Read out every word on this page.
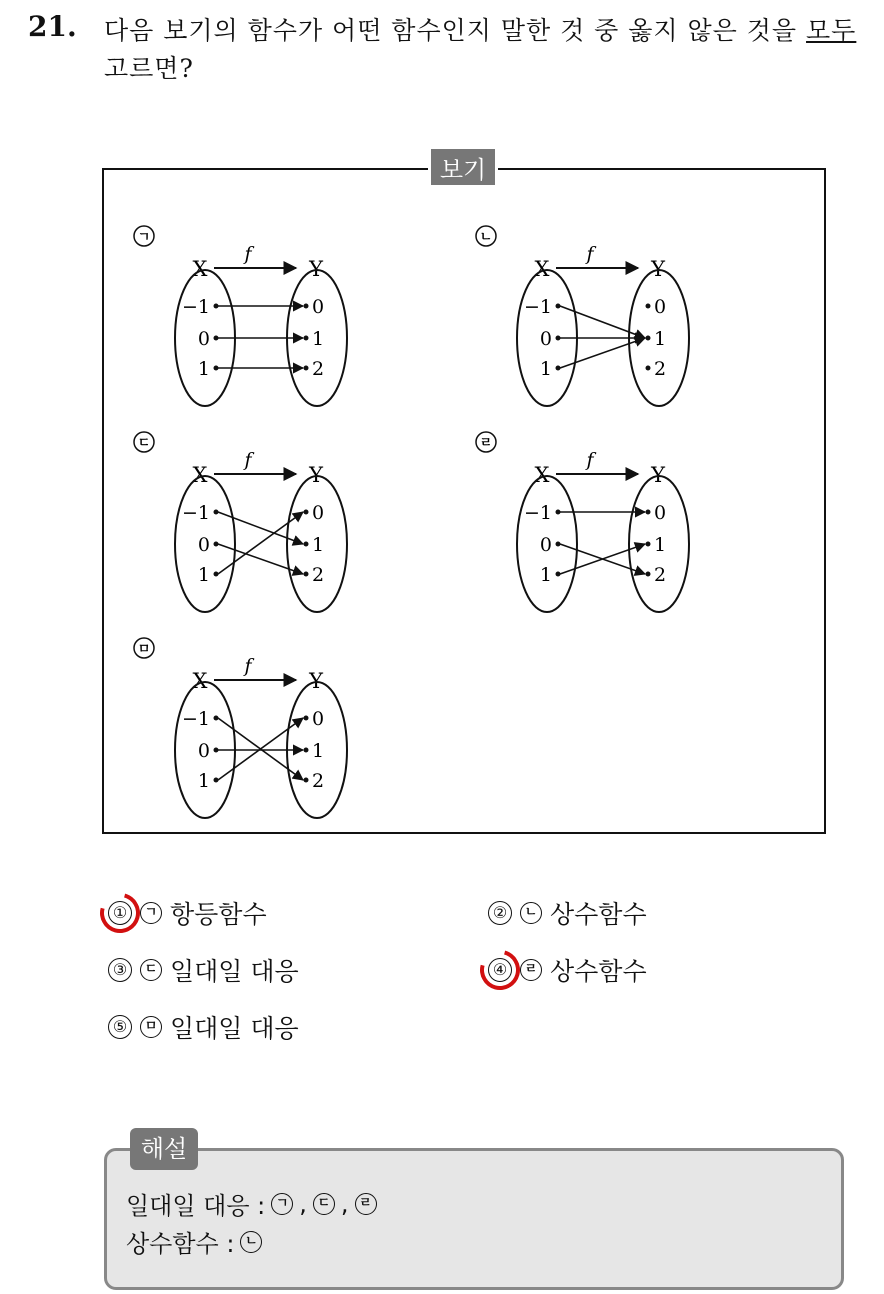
21. 다음 보기의 함수가 어떤 함수인지 말한 것 중 옳지 않은 것을 모두
고르면?
보기
ㄱ
X	Y
f
−1
0
1
0
1
2
ㄴ
X	Y
f
−1
0
1
0
1
2
ㄷ
X	Y
f
−1
0
1
0
1
2
ㄹ
X	Y
f
−1
0
1
0
1
2
ㅁ
X	Y
f
−1
0
1
0
1
2
①	ㄱ 항등함수	②	ㄴ 상수함수
③	ㄷ 일대일 대응	④	ㄹ 상수함수
⑤	ㅁ 일대일 대응
해설
일대일 대응 : ㄱ , ㄷ , ㄹ
상수함수 : ㄴ
